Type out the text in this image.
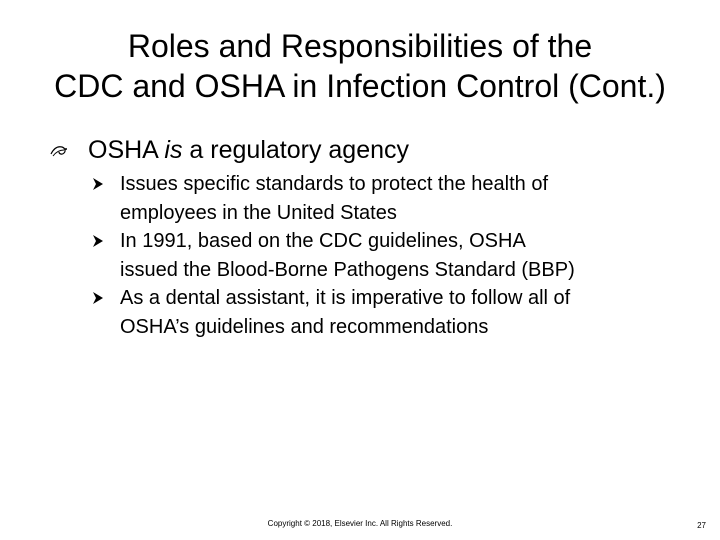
Roles and Responsibilities of the
CDC and OSHA in Infection Control (Cont.)
OSHA is a regulatory agency
Issues specific standards to protect the health of
employees in the United States
In 1991, based on the CDC guidelines, OSHA
issued the Blood-Borne Pathogens Standard (BBP)
As a dental assistant, it is imperative to follow all of
OSHA’s guidelines and recommendations
Copyright © 2018, Elsevier Inc. All Rights Reserved.	27
